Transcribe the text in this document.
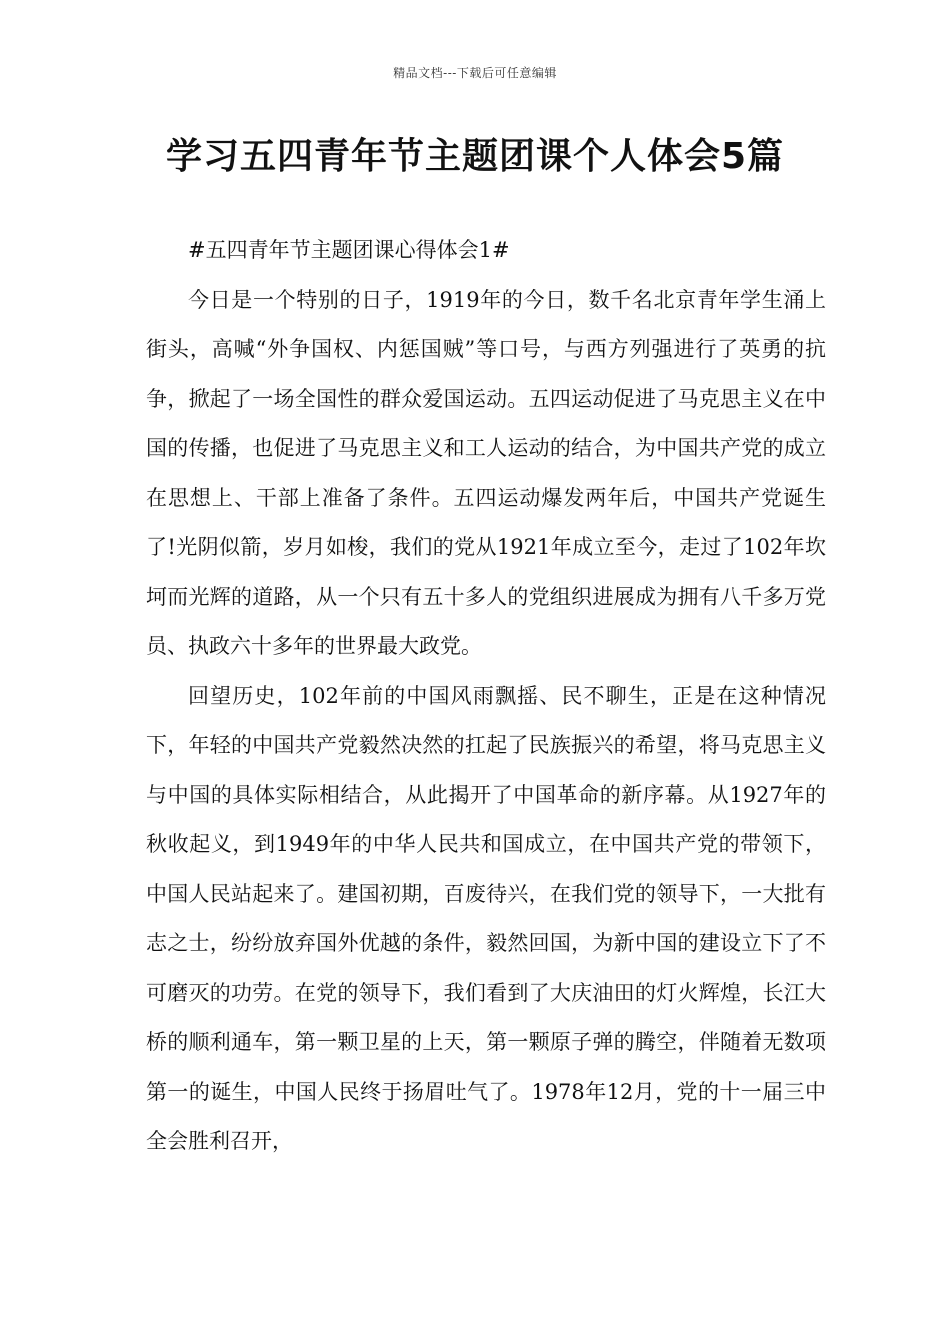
精品文档---下载后可任意编辑
学习五四青年节主题团课个人体会5篇

#五四青年节主题团课心得体会1#

今日是一个特别的日子，1919年的今日，数千名北京青年学生涌上街头，高喊“外争国权、内惩国贼”等口号，与西方列强进行了英勇的抗争，掀起了一场全国性的群众爱国运动。五四运动促进了马克思主义在中国的传播，也促进了马克思主义和工人运动的结合，为中国共产党的成立在思想上、干部上准备了条件。五四运动爆发两年后，中国共产党诞生了!光阴似箭，岁月如梭，我们的党从1921年成立至今，走过了102年坎坷而光辉的道路，从一个只有五十多人的党组织进展成为拥有八千多万党员、执政六十多年的世界最大政党。

回望历史，102年前的中国风雨飘摇、民不聊生，正是在这种情况下，年轻的中国共产党毅然决然的扛起了民族振兴的希望，将马克思主义与中国的具体实际相结合，从此揭开了中国革命的新序幕。从1927年的秋收起义，到1949年的中华人民共和国成立，在中国共产党的带领下，中国人民站起来了。建国初期，百废待兴，在我们党的领导下，一大批有志之士，纷纷放弃国外优越的条件，毅然回国，为新中国的建设立下了不可磨灭的功劳。在党的领导下，我们看到了大庆油田的灯火辉煌，长江大桥的顺利通车，第一颗卫星的上天，第一颗原子弹的腾空，伴随着无数项第一的诞生，中国人民终于扬眉吐气了。1978年12月，党的十一届三中全会胜利召开，
